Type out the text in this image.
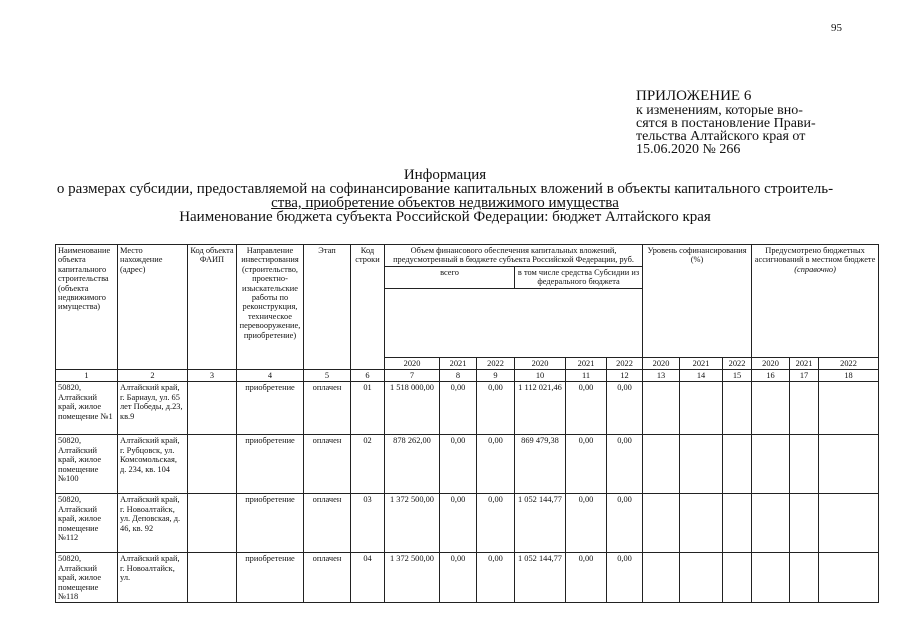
95
ПРИЛОЖЕНИЕ 6
к изменениям, которые вно-
сятся в постановление Прави-
тельства Алтайского края от
15.06.2020 № 266
Информация
о размерах субсидии, предоставляемой на софинансирование капитальных вложений в объекты капитального строитель-
ства, приобретение объектов недвижимого имущества
Наименование бюджета субъекта Российской Федерации: бюджет Алтайского края
Наименование объекта капитального строительства (объекта недвижимого имущества)	Место нахождение (адрес)	Код объекта ФАИП	Направление инвестирования (строительство, проектно- изыскательские работы по реконструкция, техническое перевооружение, приобретение)	Этап	Код строки	Объем финансового обеспечения капитальных вложений, предусмотренный в бюджете субъекта Российской Федерации, руб.						Уровень софинансирования (%)			Предусмотрено бюджетных ассигнований в местном бюджете
(справочно)		
						всего			в том числе средства Субсидии из федерального бюджета								

						2020	2021	2022	2020	2021	2022	2020	2021	2022	2020	2021	2022
1	2	3	4	5	6	7	8	9	10	11	12	13	14	15	16	17	18
50820, Алтайский край, жилое помещение №1	Алтайский край, г. Барнаул, ул. 65 лет Победы, д.23, кв.9		приобретение	оплачен	01	1 518 000,00	0,00	0,00	1 112 021,46	0,00	0,00						
50820, Алтайский край, жилое помещение №100	Алтайский край, г. Рубцовск, ул. Комсомольская, д. 234, кв. 104		приобретение	оплачен	02	878 262,00	0,00	0,00	869 479,38	0,00	0,00						
50820, Алтайский край, жилое помещение №112	Алтайский край, г. Новоалтайск, ул. Деповская, д. 46, кв. 92		приобретение	оплачен	03	1 372 500,00	0,00	0,00	1 052 144,77	0,00	0,00						
50820, Алтайский край, жилое помещение №118	Алтайский край, г. Новоалтайск, ул.		приобретение	оплачен	04	1 372 500,00	0,00	0,00	1 052 144,77	0,00	0,00						
